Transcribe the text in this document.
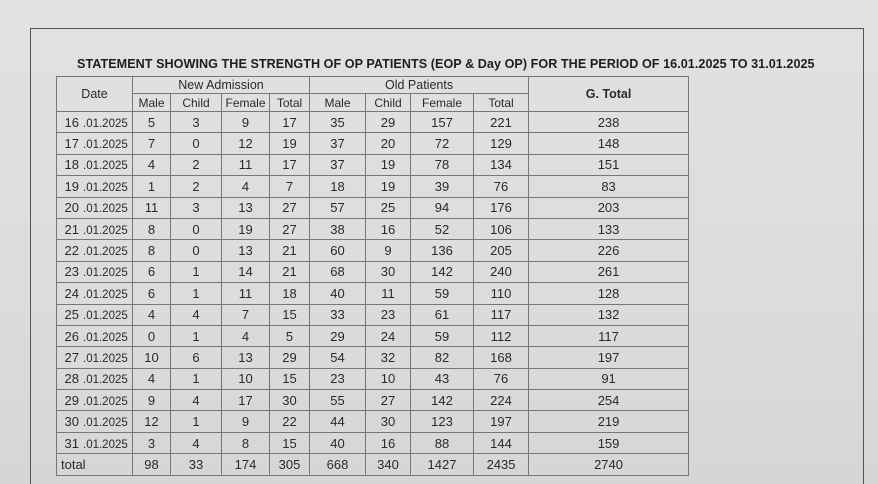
STATEMENT SHOWING THE STRENGTH OF OP PATIENTS (EOP & Day OP) FOR THE PERIOD OF 16.01.2025 TO 31.01.2025
Date	New Admission				Old Patients				G. Total
	Male	Child	Female	Total	Male	Child	Female	Total	
16 .01.2025	5	3	9	17	35	29	157	221	238
17 .01.2025	7	0	12	19	37	20	72	129	148
18 .01.2025	4	2	11	17	37	19	78	134	151
19 .01.2025	1	2	4	7	18	19	39	76	83
20 .01.2025	11	3	13	27	57	25	94	176	203
21 .01.2025	8	0	19	27	38	16	52	106	133
22 .01.2025	8	0	13	21	60	9	136	205	226
23 .01.2025	6	1	14	21	68	30	142	240	261
24 .01.2025	6	1	11	18	40	11	59	110	128
25 .01.2025	4	4	7	15	33	23	61	117	132
26 .01.2025	0	1	4	5	29	24	59	112	117
27 .01.2025	10	6	13	29	54	32	82	168	197
28 .01.2025	4	1	10	15	23	10	43	76	91
29 .01.2025	9	4	17	30	55	27	142	224	254
30 .01.2025	12	1	9	22	44	30	123	197	219
31 .01.2025	3	4	8	15	40	16	88	144	159
total	98	33	174	305	668	340	1427	2435	2740
